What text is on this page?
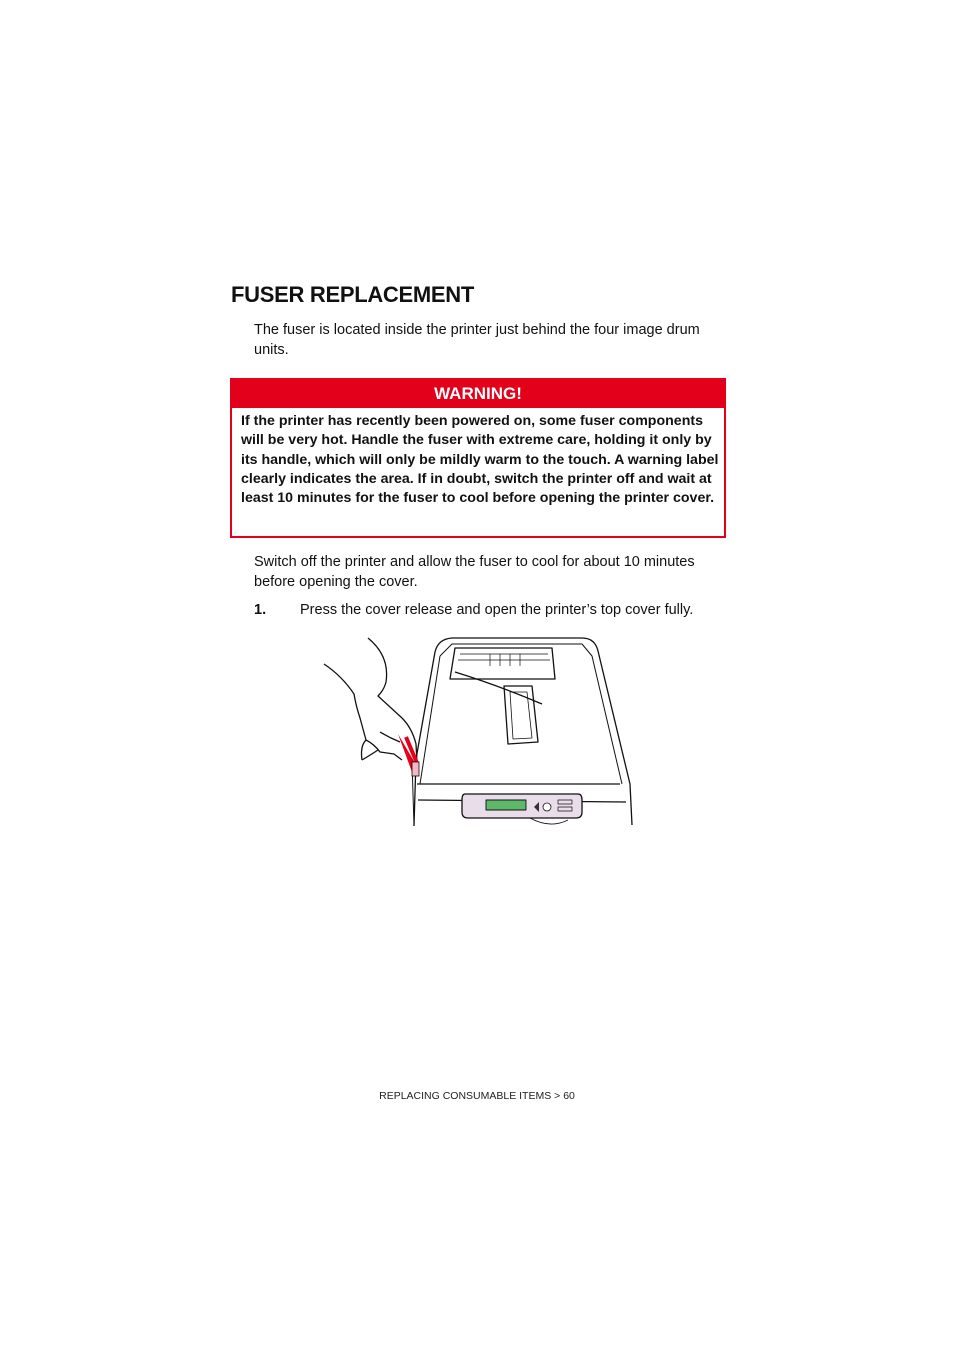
FUSER REPLACEMENT
The fuser is located inside the printer just behind the four image drum units.
WARNING!
If the printer has recently been powered on, some fuser components will be very hot. Handle the fuser with extreme care, holding it only by its handle, which will only be mildly warm to the touch. A warning label clearly indicates the area. If in doubt, switch the printer off and wait at least 10 minutes for the fuser to cool before opening the printer cover.
Switch off the printer and allow the fuser to cool for about 10 minutes before opening the cover.
1. Press the cover release and open the printer’s top cover fully.
REPLACING CONSUMABLE ITEMS > 60
